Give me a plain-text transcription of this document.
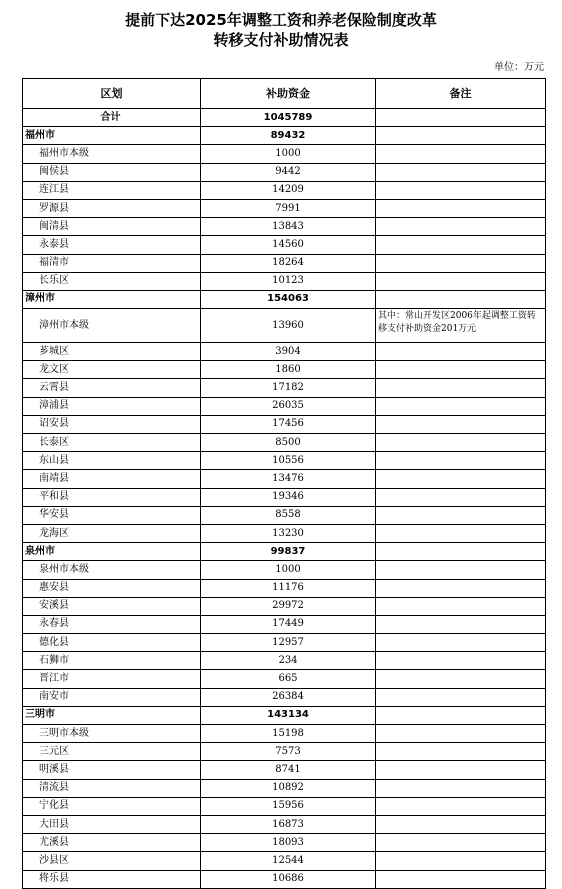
提前下达2025年调整工资和养老保险制度改革
转移支付补助情况表
单位：万元
区划	补助资金	备注
合计	1045789	
福州市	89432	
福州市本级	1000	
闽侯县	9442	
连江县	14209	
罗源县	7991	
闽清县	13843	
永泰县	14560	
福清市	18264	
长乐区	10123	
漳州市	154063	
漳州市本级	13960	其中：常山开发区2006年起调整工资转移支付补助资金201万元
芗城区	3904	
龙文区	1860	
云霄县	17182	
漳浦县	26035	
诏安县	17456	
长泰区	8500	
东山县	10556	
南靖县	13476	
平和县	19346	
华安县	8558	
龙海区	13230	
泉州市	99837	
泉州市本级	1000	
惠安县	11176	
安溪县	29972	
永春县	17449	
德化县	12957	
石狮市	234	
晋江市	665	
南安市	26384	
三明市	143134	
三明市本级	15198	
三元区	7573	
明溪县	8741	
清流县	10892	
宁化县	15956	
大田县	16873	
尤溪县	18093	
沙县区	12544	
将乐县	10686	
